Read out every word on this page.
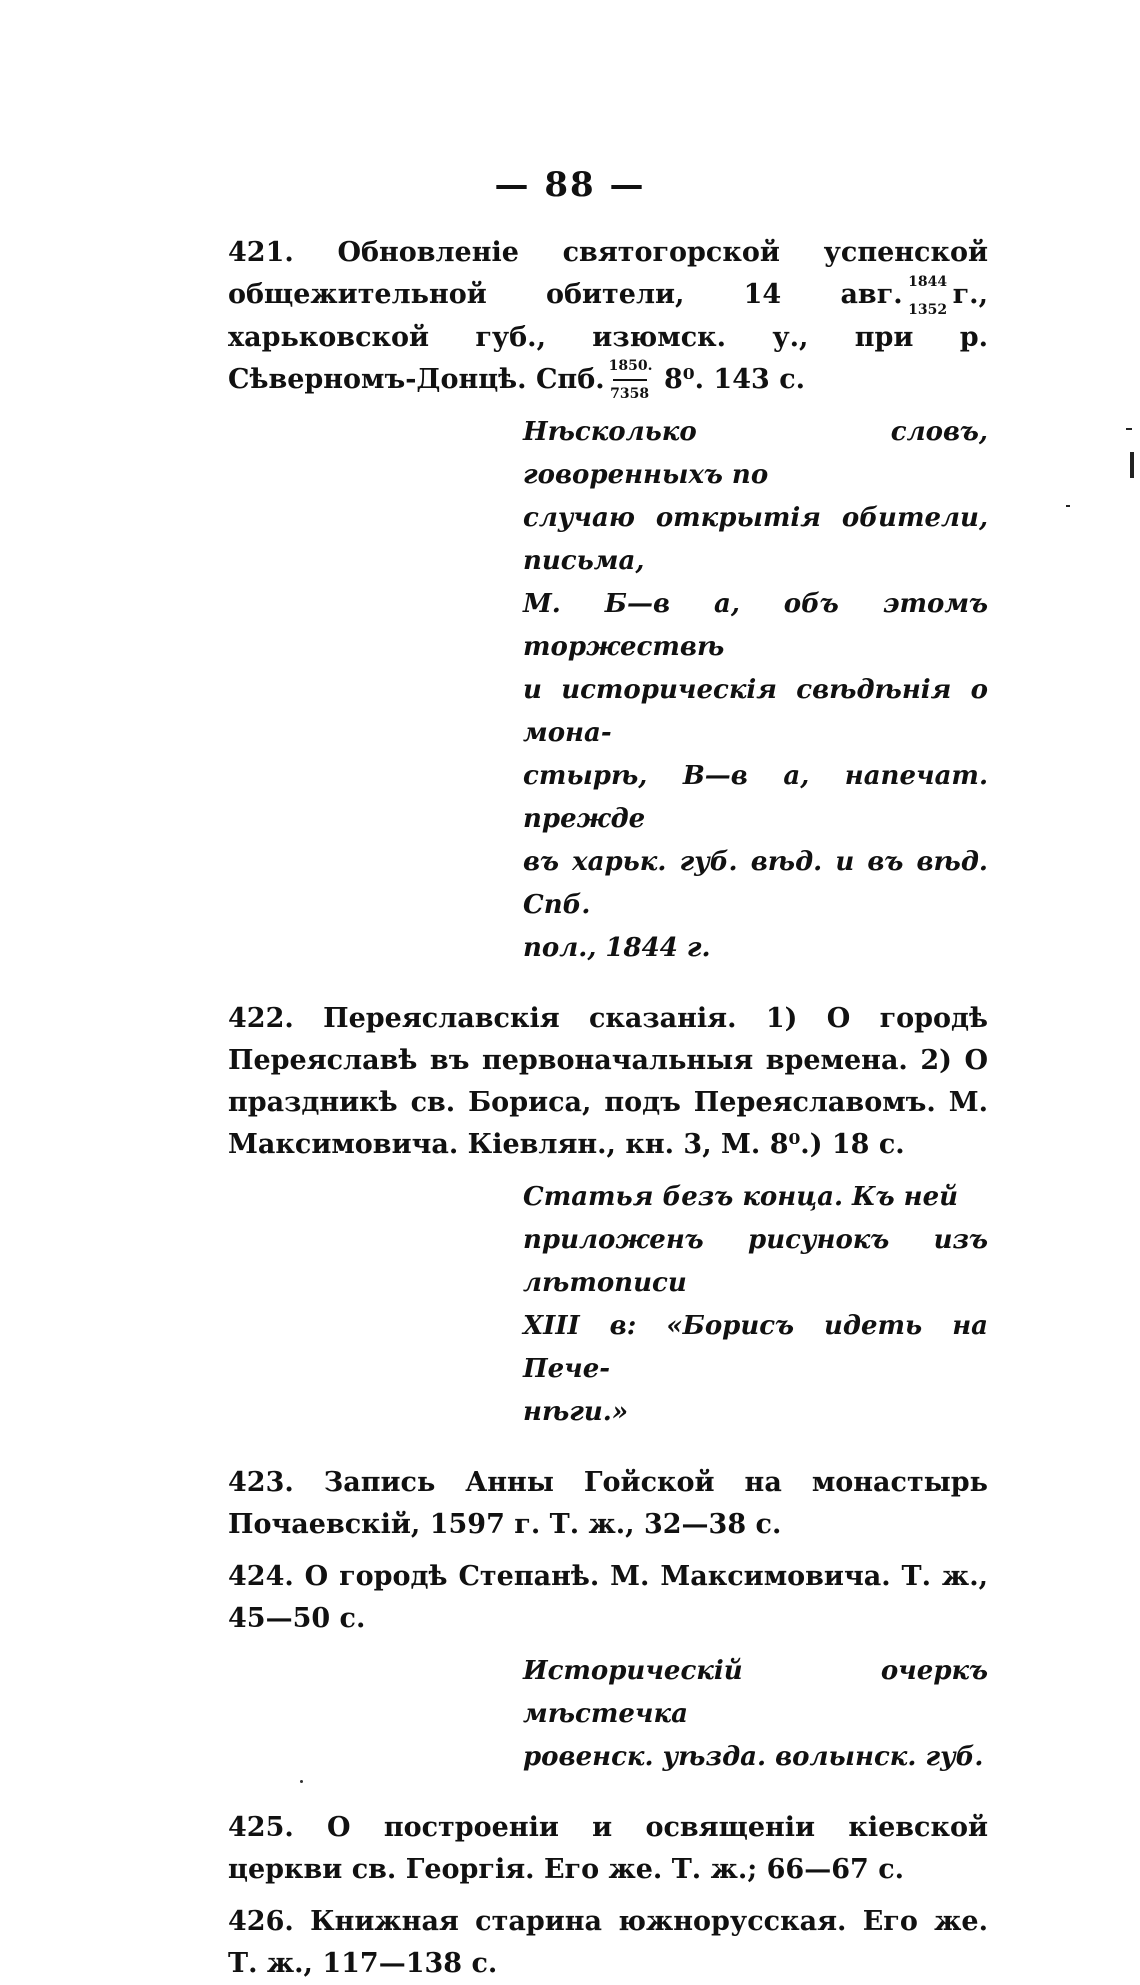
— 88 —

421. Обновленіе святогорской успенской общежительной обители, 14 авг. 1844
1352 г., харьковской губ., изюмск. у., при р. Сѣверномъ-Донцѣ. Спб. 1850.
7358 8⁰. 143 с.

Нѣсколько словъ, говоренныхъ по
случаю открытія обители, письма,
М. Б—в а, объ этомъ торжествѣ
и историческія свѣдѣнія о мона-
стырѣ, В—в а, напечат. прежде
въ харьк. губ. вѣд. и въ вѣд. Спб.
пол., 1844 г.

422. Переяславскія сказанія. 1) О городѣ Переяславѣ въ первоначальныя времена. 2) О праздникѣ св. Бориса, подъ Переяславомъ. М. Максимовича. Кіевлян., кн. 3, М. 8⁰.) 18 с.

Статья безъ конца. Къ ней
приложенъ рисунокъ изъ лѣтописи
XIII в: «Борисъ идеть на Пече-
нѣги.»

423. Запись Анны Гойской на монастырь Почаевскій, 1597 г. Т. ж., 32—38 с.

424. О городѣ Степанѣ. М. Максимовича. Т. ж., 45—50 с.

Историческій очеркъ мѣстечка
ровенск. уѣзда. волынск. губ.

425. О построеніи и освященіи кіевской церкви св. Георгія. Его же. Т. ж.; 66—67 с.

426. Книжная старина южнорусская. Его же. Т. ж., 117—138 с.
